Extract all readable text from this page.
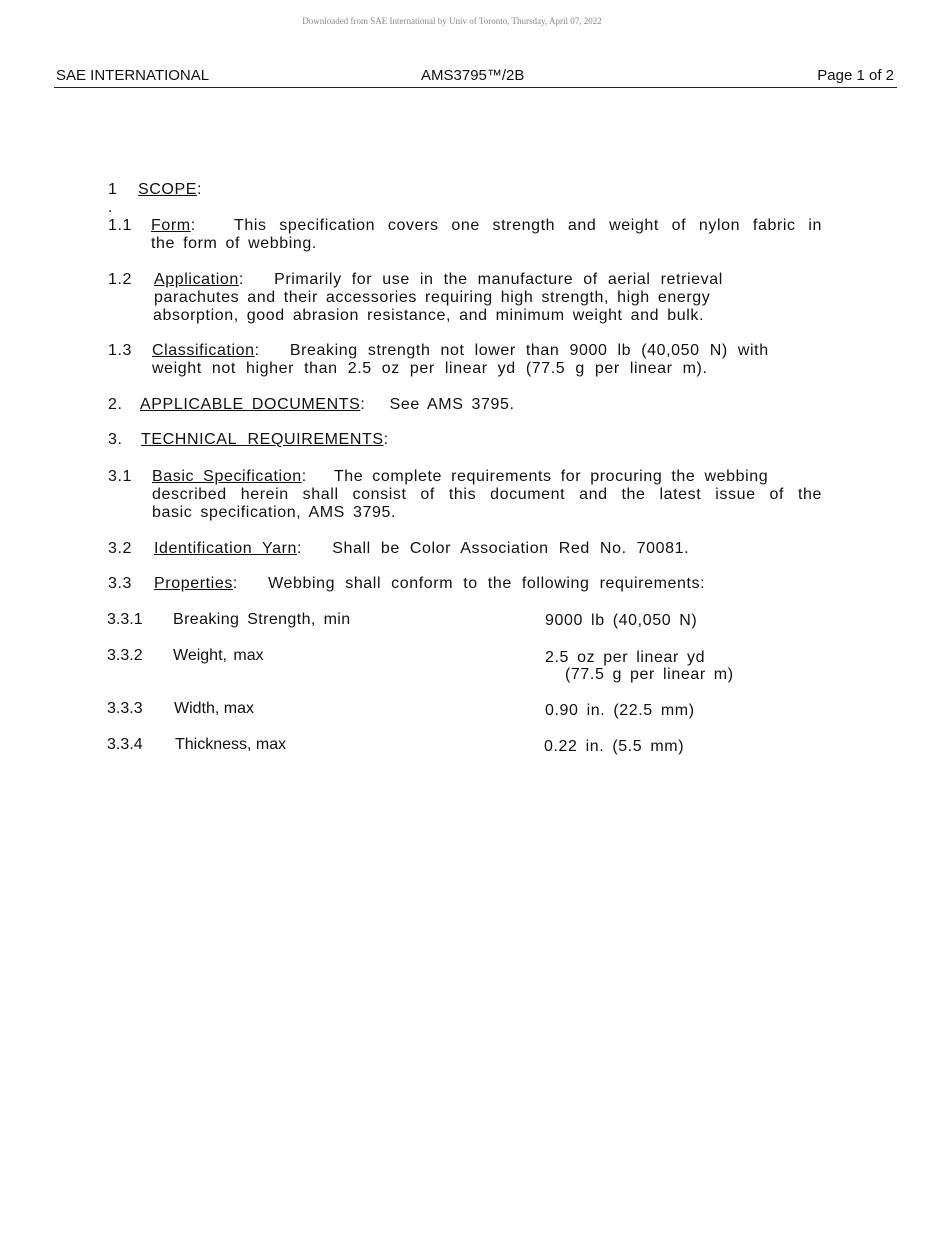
Downloaded from SAE International by Univ of Toronto, Thursday, April 07, 2022
SAE INTERNATIONAL	AMS3795™/2B	Page 1 of 2
1 .
SCOPE:
1.1 Form: This specification covers one strength and weight of nylon fabric in
the form of webbing.
1.2 Application: Primarily for use in the manufacture of aerial retrieval
parachutes and their accessories requiring high strength, high energy
absorption, good abrasion resistance, and minimum weight and bulk.
1.3 Classification: Breaking strength not lower than 9000 lb (40,050 N) with
weight not higher than 2.5 oz per linear yd (77.5 g per linear m).
2. APPLICABLE DOCUMENTS: See AMS 3795.
3. TECHNICAL REQUIREMENTS:
3.1 Basic Specification: The complete requirements for procuring the webbing
described herein shall consist of this document and the latest issue of the
basic specification, AMS 3795.
3.2 Identification Yarn: Shall be Color Association Red No. 70081.
3.3 Properties: Webbing shall conform to the following requirements:
3.3.1 Breaking Strength, min	9000 lb (40,050 N)
3.3.2 Weight, max	2.5 oz per linear yd
(77.5 g per linear m)
3.3.3 Width, max	0.90 in. (22.5 mm)
3.3.4 Thickness, max	0.22 in. (5.5 mm)
